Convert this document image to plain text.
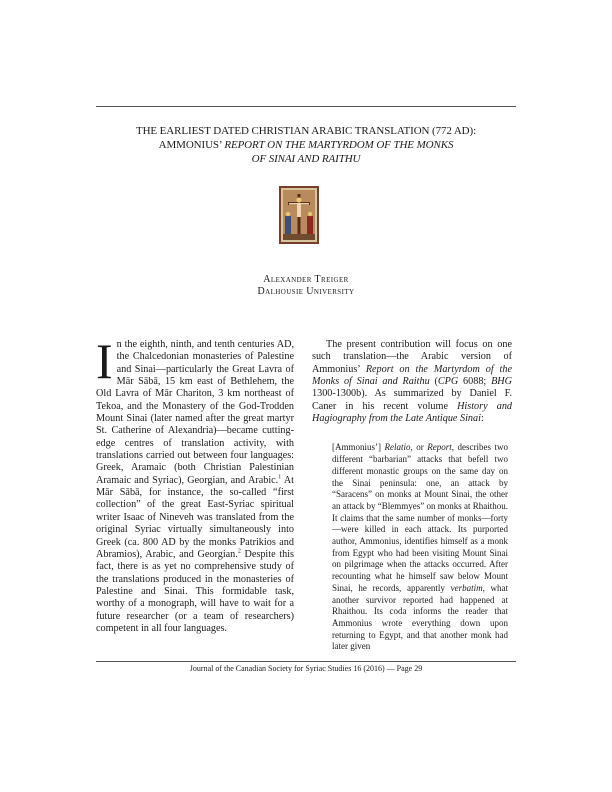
THE EARLIEST DATED CHRISTIAN ARABIC TRANSLATION (772 AD):
AMMONIUS’ REPORT ON THE MARTYRDOM OF THE MONKS
OF SINAI AND RAITHU
Alexander Treiger
Dalhousie University

In the eighth, ninth, and tenth centuries AD, the Chalcedonian monasteries of Palestine and Sinai—particularly the Great Lavra of Mār Sābā, 15 km east of Bethlehem, the Old Lavra of Mār Chariton, 3 km northeast of Tekoa, and the Monastery of the God-Trodden Mount Sinai (later named after the great martyr St. Catherine of Alexandria)—became cutting-edge centres of translation activity, with translations carried out between four languages: Greek, Aramaic (both Christian Palestinian Aramaic and Syriac), Georgian, and Arabic.$^1$ At Mār Sābā, for instance, the so-called “first collection” of the great East-Syriac spiritual writer Isaac of Nineveh was translated from the original Syriac virtually simultaneously into Greek (ca. 800 AD by the monks Patrikios and Abramios), Arabic, and Georgian.$^2$ Despite this fact, there is as yet no comprehensive study of the translations produced in the monasteries of Palestine and Sinai. This formidable task, worthy of a monograph, will have to wait for a future researcher (or a team of researchers) competent in all four languages.

The present contribution will focus on one such translation—the Arabic version of Ammonius’ Report on the Martyrdom of the Monks of Sinai and Raithu (CPG 6088; BHG 1300-1300b). As summarized by Daniel F. Caner in his recent volume History and Hagiography from the Late Antique Sinai:

[Ammonius’] Relatio, or Report, describes two different “barbarian” attacks that befell two different monastic groups on the same day on the Sinai peninsula: one, an attack by “Saracens” on monks at Mount Sinai, the other an attack by “Blemmyes” on monks at Rhaithou. It claims that the same number of monks—forty—were killed in each attack. Its purported author, Ammonius, identifies himself as a monk from Egypt who had been visiting Mount Sinai on pilgrimage when the attacks occurred. After recounting what he himself saw below Mount Sinai, he records, apparently verbatim, what another survivor reported had happened at Rhaithou. Its coda informs the reader that Ammonius wrote everything down upon returning to Egypt, and that another monk had later given
Journal of the Canadian Society for Syriac Studies 16 (2016) — Page 29
